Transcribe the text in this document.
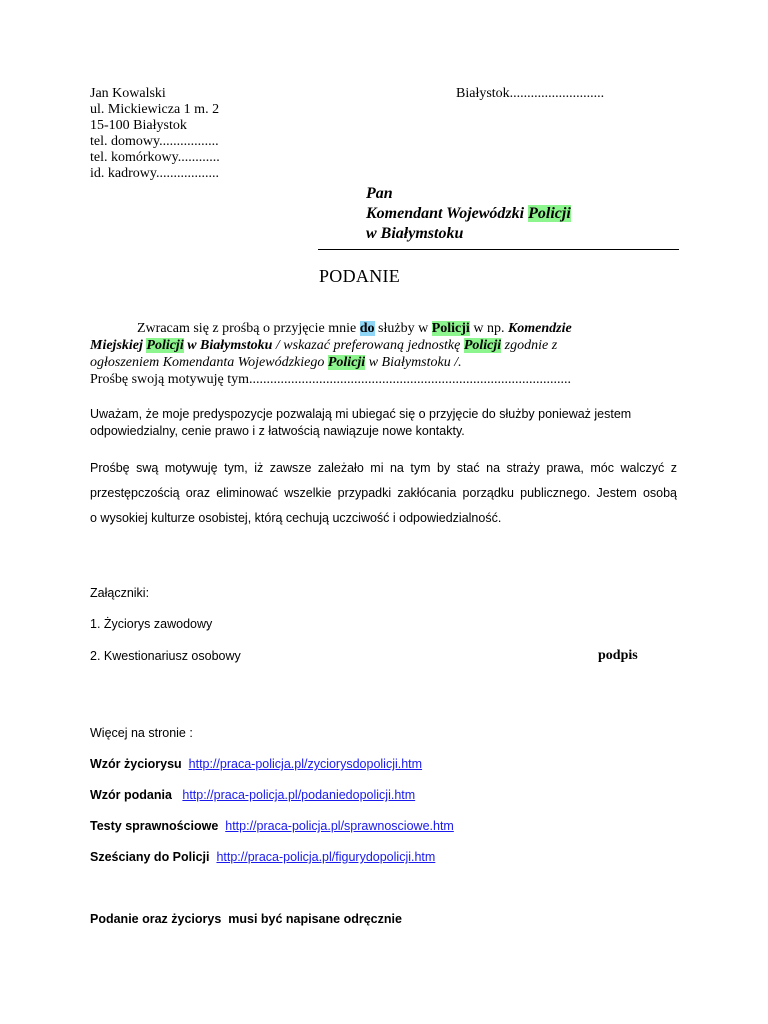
Jan Kowalski
ul. Mickiewicza 1 m. 2
15-100 Białystok
tel. domowy.................
tel. komórkowy............
id. kadrowy..................
Białystok...........................
Pan
Komendant Wojewódzki Policji
w Białymstoku
PODANIE
Zwracam się z prośbą o przyjęcie mnie do służby w Policji w np. Komendzie
Miejskiej Policji w Białymstoku / wskazać preferowaną jednostkę Policji zgodnie z
ogłoszeniem Komendanta Wojewódzkiego Policji w Białymstoku /.
Prośbę swoją motywuję tym............................................................................................
Uważam, że moje predyspozycje pozwalają mi ubiegać się o przyjęcie do służby ponieważ jestem odpowiedzialny, cenie prawo i z łatwością nawiązuje nowe kontakty.
Prośbę swą motywuję tym, iż zawsze zależało mi na tym by stać na straży prawa, móc walczyć z
przestępczością oraz eliminować wszelkie przypadki zakłócania porządku publicznego. Jestem osobą
o wysokiej kulturze osobistej, którą cechują uczciwość i odpowiedzialność.
Załączniki:
1. Życiorys zawodowy
2. Kwestionariusz osobowy	podpis
Więcej na stronie :
Wzór życiorysu http://praca-policja.pl/zyciorysdopolicji.htm
Wzór podania http://praca-policja.pl/podaniedopolicji.htm
Testy sprawnościowe http://praca-policja.pl/sprawnosciowe.htm
Sześciany do Policji http://praca-policja.pl/figurydopolicji.htm
Podanie oraz życiorys  musi być napisane odręcznie
